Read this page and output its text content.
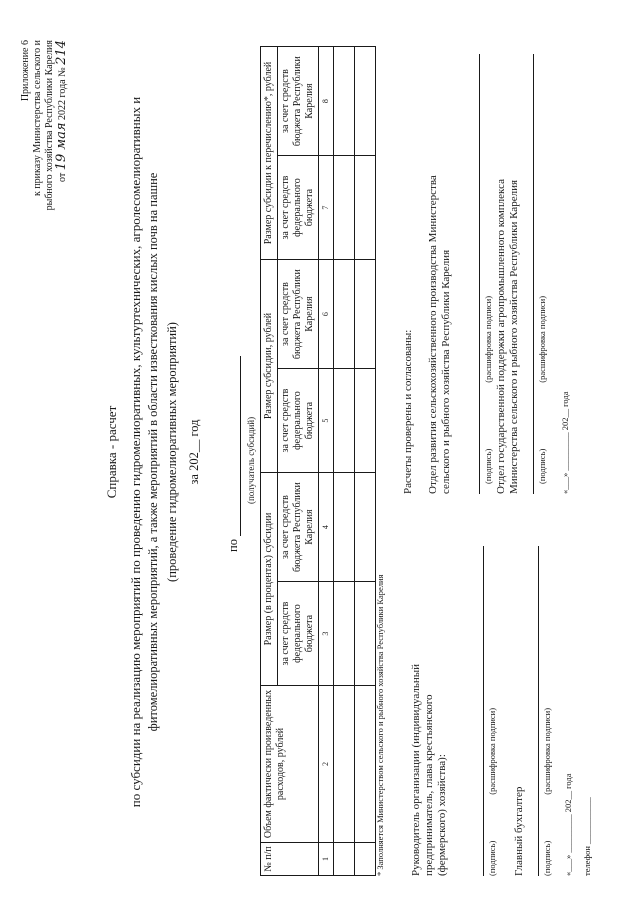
Приложение 6 к приказу Министерства сельского и рыбного хозяйства Республики Карелия от 19 мая 2022 года № 214
Справка - расчет по субсидии на реализацию мероприятий по проведению гидромелиоративных, культуртехнических, агролесомелиоративных и фитомелиоративных мероприятий, а также мероприятий в области известкования кислых почв на пашне (проведение гидромелиоративных мероприятий) за 202__ год
по
(получатель субсидий)
№ п/п	Объем фактически произведенных расходов, рублей	Размер (в процентах) субсидии		Размер субсидии, рублей		Размер субсидии к перечислению*, рублей	
		за счет средств федерального бюджета	за счет средств бюджета Республики Карелия	за счет средств федерального бюджета	за счет средств бюджета Республики Карелия	за счет средств федерального бюджета	за счет средств бюджета Республики Карелия
1	2	3	4	5	6	7	8

* Заполняется Министерством сельского и рыбного хозяйства Республики Карелия Руководитель организации (индивидуальный предприниматель, глава крестьянского (фермерского) хозяйства):	(подпись)
(расшифровка подписи)
Главный бухгалтер (подпись)
(расшифровка подписи)
«___» _________ 202__ года телефон ___________
Расчеты проверены и согласованы: Отдел развития сельскохозяйственного производства Министерства сельского и рыбного хозяйства Республики Карелия	(подпись)
(расшифровка подписи) Отдел государственной поддержки агропромышленного комплекса Министерства сельского и рыбного хозяйства Республики Карелия (подпись)
(расшифровка подписи)
«___» _________ 202__ года
